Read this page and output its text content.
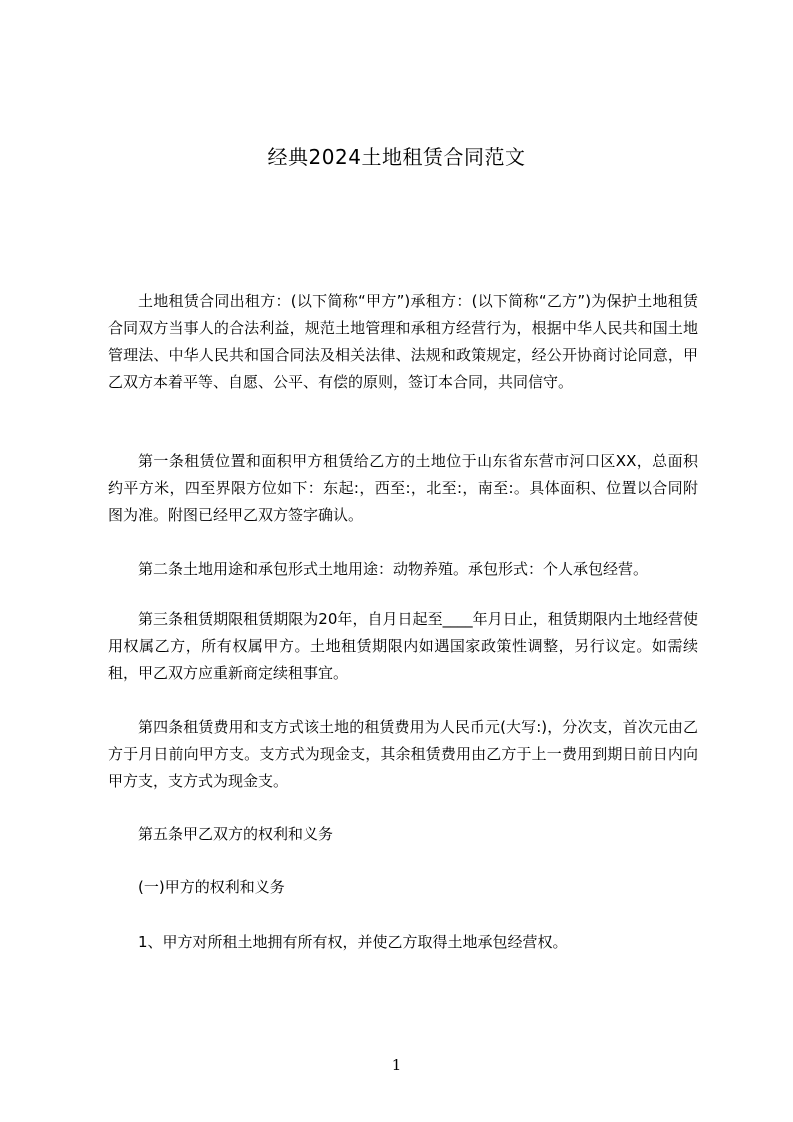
经典2024土地租赁合同范文

土地租赁合同出租方：(以下简称“甲方”)承租方：(以下简称“乙方”)为保护土地租赁合同双方当事人的合法利益，规范土地管理和承租方经营行为，根据中华人民共和国土地管理法、中华人民共和国合同法及相关法律、法规和政策规定，经公开协商讨论同意，甲乙双方本着平等、自愿、公平、有偿的原则，签订本合同，共同信守。

第一条租赁位置和面积甲方租赁给乙方的土地位于山东省东营市河口区XX，总面积约平方米，四至界限方位如下：东起:，西至:，北至:，南至:。具体面积、位置以合同附图为准。附图已经甲乙双方签字确认。

第二条土地用途和承包形式土地用途：动物养殖。承包形式：个人承包经营。

第三条租赁期限租赁期限为20年，自月日起至____年月日止，租赁期限内土地经营使用权属乙方，所有权属甲方。土地租赁期限内如遇国家政策性调整，另行议定。如需续租，甲乙双方应重新商定续租事宜。

第四条租赁费用和支方式该土地的租赁费用为人民币元(大写:)，分次支，首次元由乙方于月日前向甲方支。支方式为现金支，其余租赁费用由乙方于上一费用到期日前日内向甲方支，支方式为现金支。

第五条甲乙双方的权利和义务

(一)甲方的权利和义务

1、甲方对所租土地拥有所有权，并使乙方取得土地承包经营权。

1
